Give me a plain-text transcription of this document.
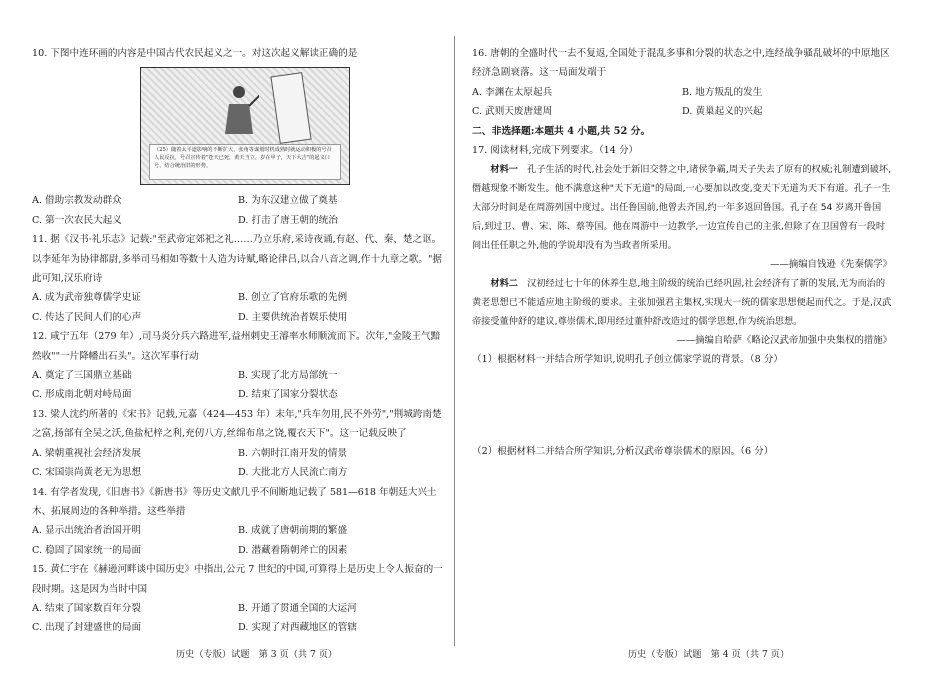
10. 下图中连环画的内容是中国古代农民起义之一。对这次起义解读正确的是

（25）随着太平道影响的不断扩大，张角等谋划时机成熟时就运动积极的号召人民反抗，号召宣传着"苍天已死，黄天当立，岁在甲子，天下大吉"的起义口号，结合统治旧的形势。
A. 借助宗教发动群众	B. 为东汉建立做了奠基
C. 第一次农民大起义	D. 打击了唐王朝的统治

11. 据《汉书·礼乐志》记载:"至武帝定郊祀之礼……乃立乐府,采诗夜诵,有赵、代、秦、楚之讴。以李延年为协律都尉,多举司马相如等数十人造为诗赋,略论律吕,以合八音之调,作十九章之歌。"据此可知,汉乐府诗

A. 成为武帝独尊儒学史证	B. 创立了官府乐歌的先例
C. 传达了民间人们的心声	D. 主要供统治者娱乐使用

12. 咸宁五年（279 年）,司马炎分兵六路进军,益州刺史王濬率水师顺流而下。次年,"金陵王气黯然收""一片降幡出石头"。这次军事行动

A. 奠定了三国鼎立基础	B. 实现了北方局部统一
C. 形成南北朝对峙局面	D. 结束了国家分裂状态

13. 梁人沈约所著的《宋书》记载,元嘉（424—453 年）末年,"兵车勿用,民不外劳","荆城跨南楚之富,扬部有全吴之沃,鱼盐杞梓之利,充仞八方,丝绵布帛之饶,覆衣天下"。这一记载反映了

A. 梁朝重视社会经济发展	B. 六朝时江南开发的情景
C. 宋国崇尚黄老无为思想	D. 大批北方人民流亡南方

14. 有学者发现,《旧唐书》《新唐书》等历史文献几乎不间断地记载了 581—618 年朝廷大兴土木、拓展周边的各种举措。这些举措

A. 显示出统治者治国开明	B. 成就了唐朝前期的繁盛
C. 稳固了国家统一的局面	D. 潜藏着隋朝斧亡的因素

15. 黄仁宇在《赫逊河畔谈中国历史》中指出,公元 7 世纪的中国,可算得上是历史上令人振奋的一段时期。这是因为当时中国

A. 结束了国家数百年分裂	B. 开通了贯通全国的大运河
C. 出现了封建盛世的局面	D. 实现了对西藏地区的管辖

16. 唐朝的全盛时代一去不复返,全国处于混乱多事和分裂的状态之中,连经战争骚乱破坏的中原地区经济急剧衰落。这一局面发端于

A. 李渊在太原起兵	B. 地方叛乱的发生
C. 武则天废唐建周	D. 黄巢起义的兴起

二、非选择题:本题共 4 小题,共 52 分。

17. 阅读材料,完成下列要求。（14 分）

材料一　 孔子生活的时代,社会处于新旧交替之中,诸侯争霸,周天子失去了原有的权威;礼制遭到破坏,僭越现象不断发生。他不满意这种"天下无道"的局面,一心要加以改变,变天下无道为天下有道。孔子一生大部分时间是在周游列国中度过。出任鲁国前,他曾去齐国,约一年多返回鲁国。孔子在 54 岁离开鲁国后,到过卫、曹、宋、陈、蔡等国。他在周游中一边教学,一边宣传自己的主张,但除了在卫国曾有一段时间出任任职之外,他的学说却没有为当政者所采用。

——摘编自钱逊《先秦儒学》

材料二　 汉初经过七十年的休养生息,地主阶级的统治已经巩固,社会经济有了新的发展,无为而治的黄老思想已不能适应地主阶级的要求。主张加强君主集权,实现大一统的儒家思想便起而代之。于是,汉武帝接受董仲舒的建议,尊崇儒术,即用经过董仲舒改造过的儒学思想,作为统治思想。

——摘编自哈萨《略论汉武帝加强中央集权的措施》

（1）根据材料一并结合所学知识,说明孔子创立儒家学说的背景。（8 分）

（2）根据材料二并结合所学知识,分析汉武帝尊崇儒术的原因。（6 分）

历史（专版）试题　第 3 页（共 7 页）	历史（专版）试题　第 4 页（共 7 页）
